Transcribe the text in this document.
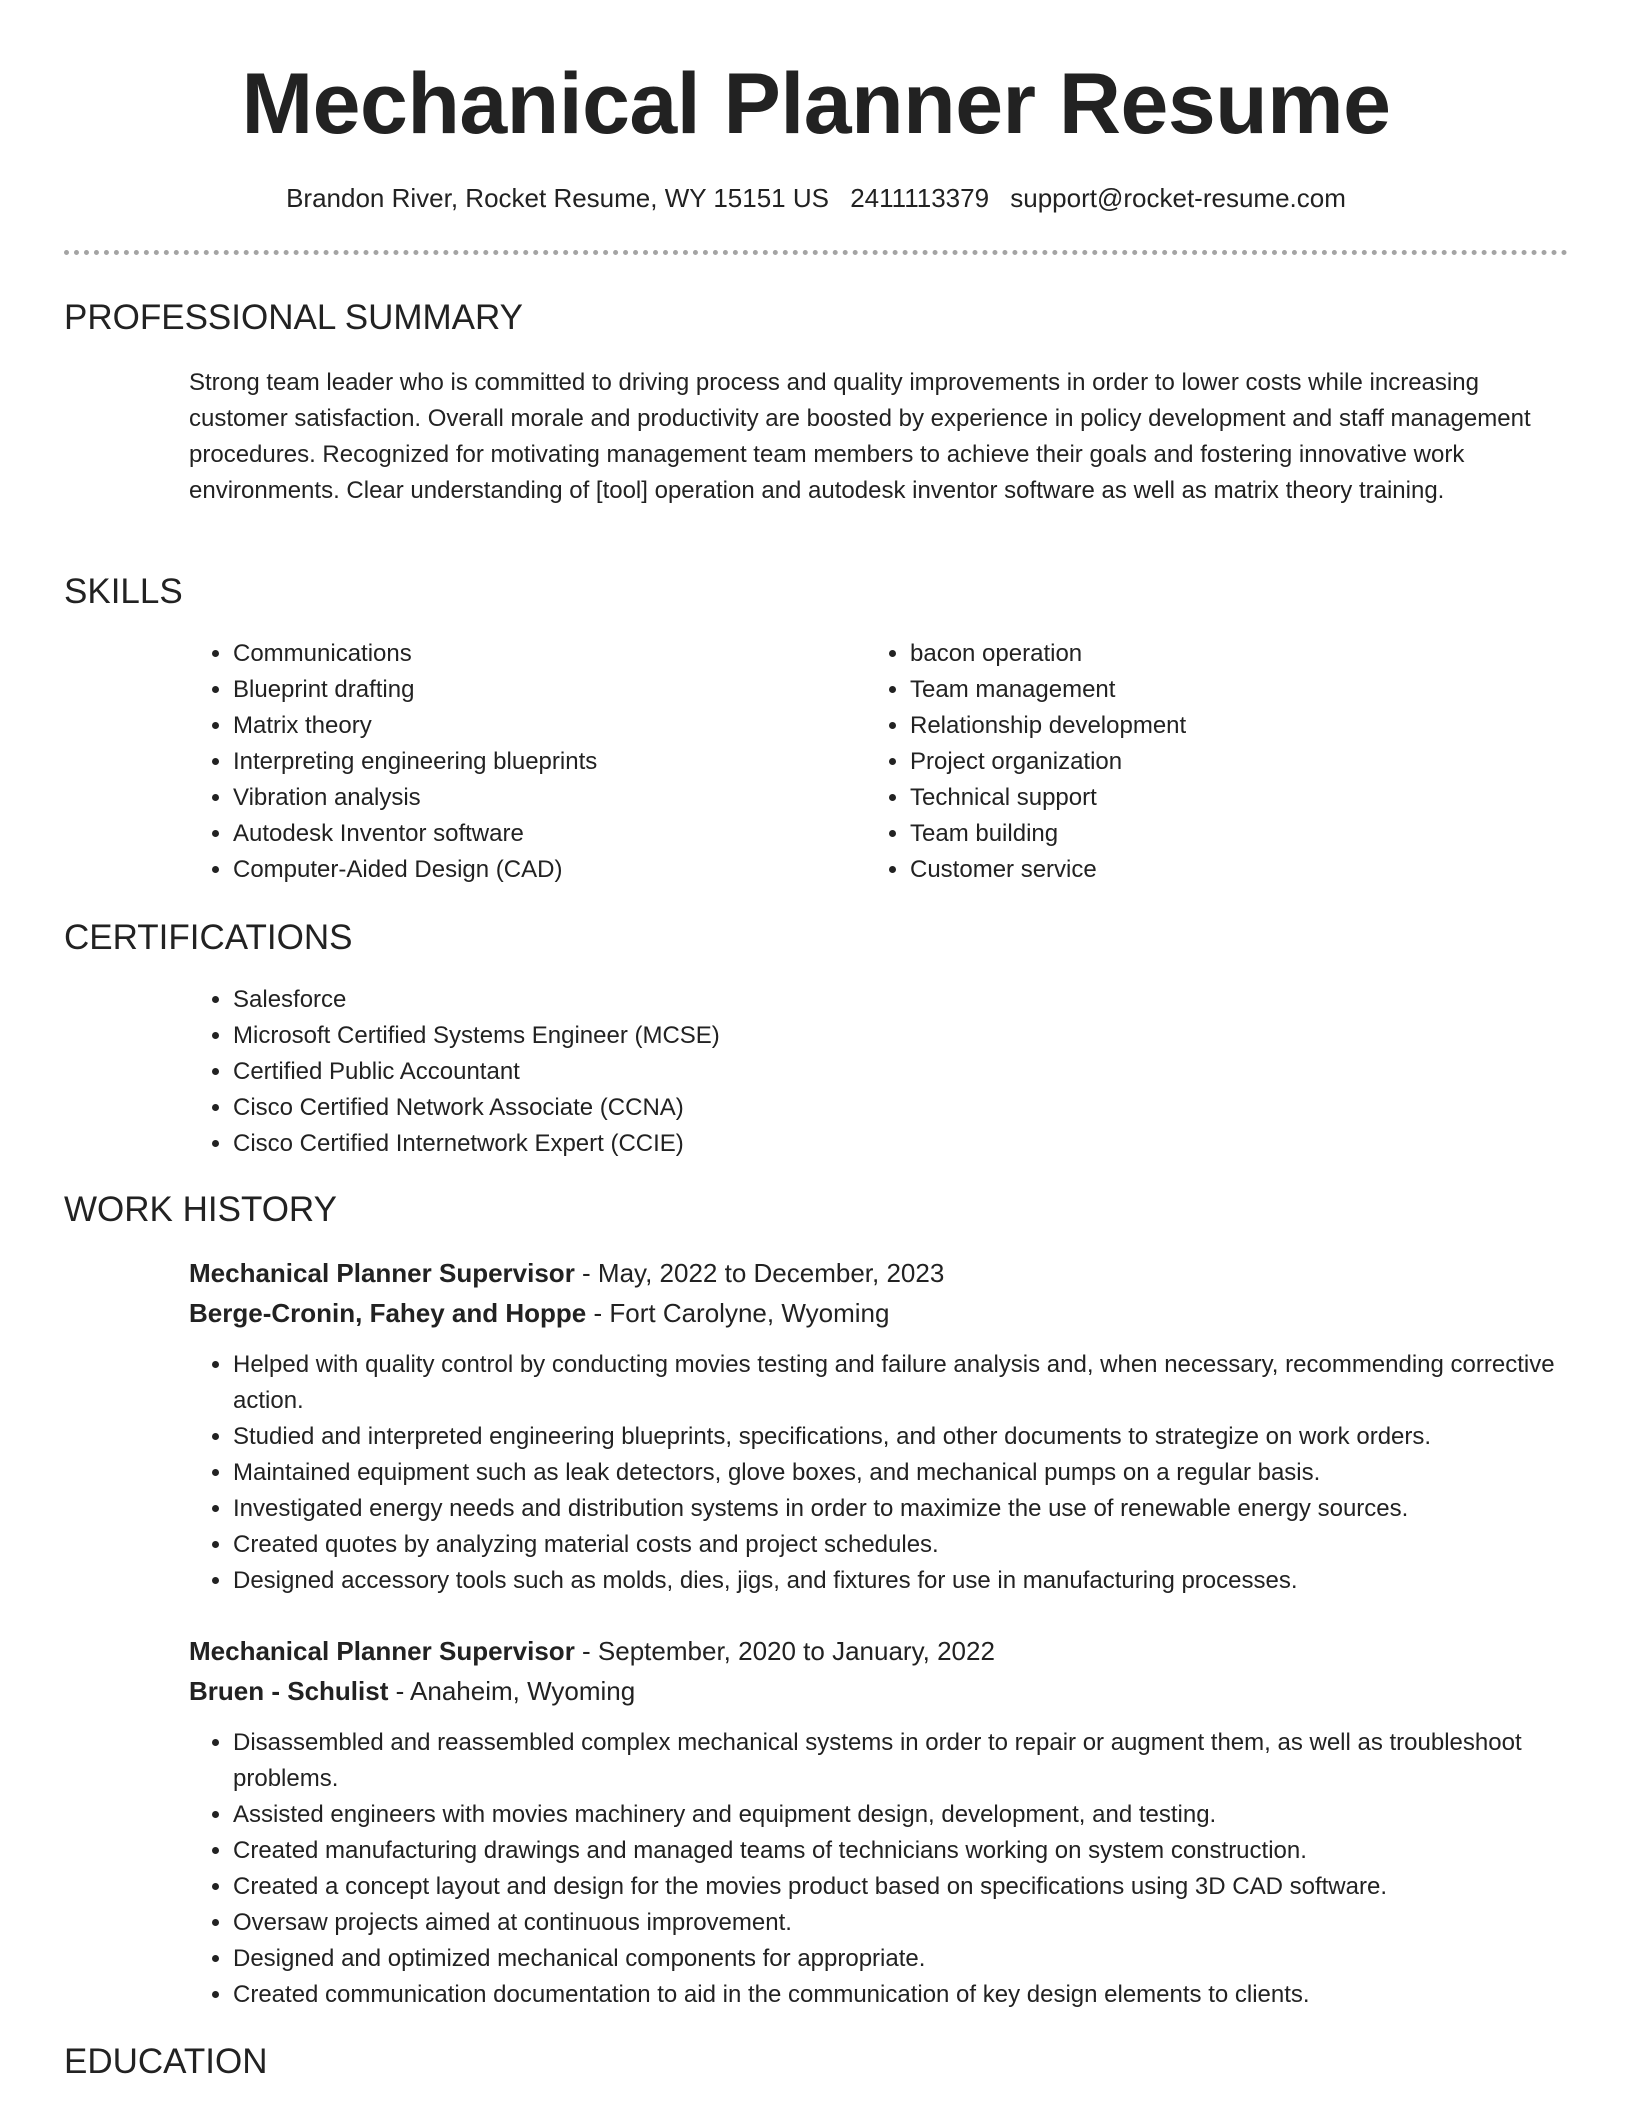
Mechanical Planner Resume
Brandon River, Rocket Resume, WY 15151 US 2411113379 support@rocket-resume.com
PROFESSIONAL SUMMARY

Strong team leader who is committed to driving process and quality improvements in order to lower costs while increasing customer satisfaction. Overall morale and productivity are boosted by experience in policy development and staff management procedures. Recognized for motivating management team members to achieve their goals and fostering innovative work environments. Clear understanding of [tool] operation and autodesk inventor software as well as matrix theory training.

SKILLS
• Communications
• Blueprint drafting
• Matrix theory
• Interpreting engineering blueprints
• Vibration analysis
• Autodesk Inventor software
• Computer-Aided Design (CAD)
• bacon operation
• Team management
• Relationship development
• Project organization
• Technical support
• Team building
• Customer service
CERTIFICATIONS
• Salesforce
• Microsoft Certified Systems Engineer (MCSE)
• Certified Public Accountant
• Cisco Certified Network Associate (CCNA)
• Cisco Certified Internetwork Expert (CCIE)
WORK HISTORY
Mechanical Planner Supervisor - May, 2022 to December, 2023
Berge-Cronin, Fahey and Hoppe - Fort Carolyne, Wyoming
• Helped with quality control by conducting movies testing and failure analysis and, when necessary, recommending corrective action.
• Studied and interpreted engineering blueprints, specifications, and other documents to strategize on work orders.
• Maintained equipment such as leak detectors, glove boxes, and mechanical pumps on a regular basis.
• Investigated energy needs and distribution systems in order to maximize the use of renewable energy sources.
• Created quotes by analyzing material costs and project schedules.
• Designed accessory tools such as molds, dies, jigs, and fixtures for use in manufacturing processes.
Mechanical Planner Supervisor - September, 2020 to January, 2022
Bruen - Schulist - Anaheim, Wyoming
• Disassembled and reassembled complex mechanical systems in order to repair or augment them, as well as troubleshoot problems.
• Assisted engineers with movies machinery and equipment design, development, and testing.
• Created manufacturing drawings and managed teams of technicians working on system construction.
• Created a concept layout and design for the movies product based on specifications using 3D CAD software.
• Oversaw projects aimed at continuous improvement.
• Designed and optimized mechanical components for appropriate.
• Created communication documentation to aid in the communication of key design elements to clients.
EDUCATION
